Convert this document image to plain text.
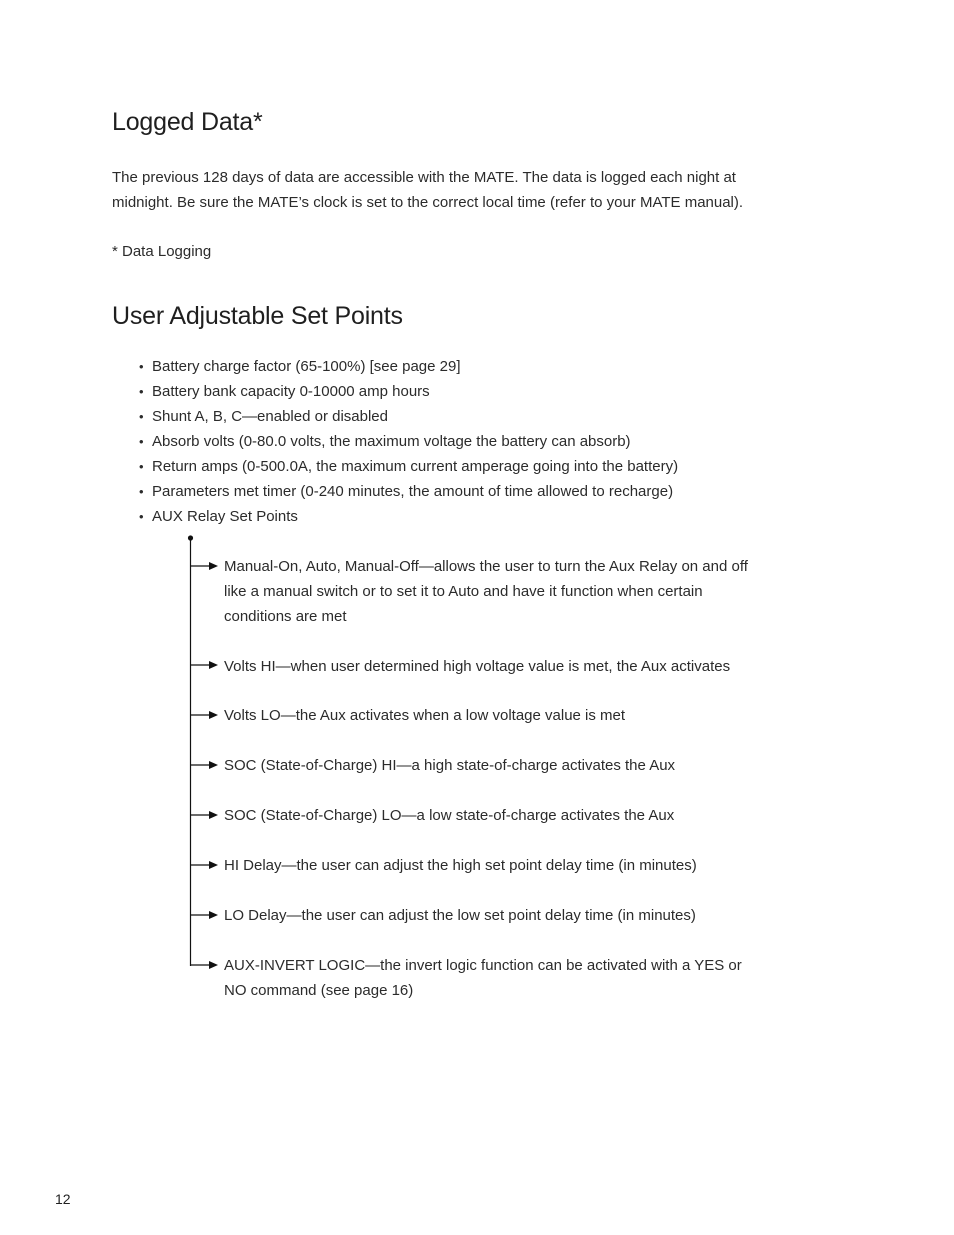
Logged Data*

The previous 128 days of data are accessible with the MATE. The data is logged each night at midnight. Be sure the MATE’s clock is set to the correct local time (refer to your MATE manual).

* Data Logging

User Adjustable Set Points
• Battery charge factor (65-100%) [see page 29]
• Battery bank capacity 0-10000 amp hours
• Shunt A, B, C—enabled or disabled
• Absorb volts (0-80.0 volts, the maximum voltage the battery can absorb)
• Return amps (0-500.0A, the maximum current amperage going into the battery)
• Parameters met timer (0-240 minutes, the amount of time allowed to recharge)
• AUX Relay Set Points

Manual-On, Auto, Manual-Off—allows the user to turn the Aux Relay on and off like a manual switch or to set it to Auto and have it function when certain conditions are met

Volts HI—when user determined high voltage value is met, the Aux activates

Volts LO—the Aux activates when a low voltage value is met

SOC (State-of-Charge) HI—a high state-of-charge activates the Aux

SOC (State-of-Charge) LO—a low state-of-charge activates the Aux

HI Delay—the user can adjust the high set point delay time (in minutes)

LO Delay—the user can adjust the low set point delay time (in minutes)

AUX-INVERT LOGIC—the invert logic function can be activated with a YES or NO command (see page 16)

12
